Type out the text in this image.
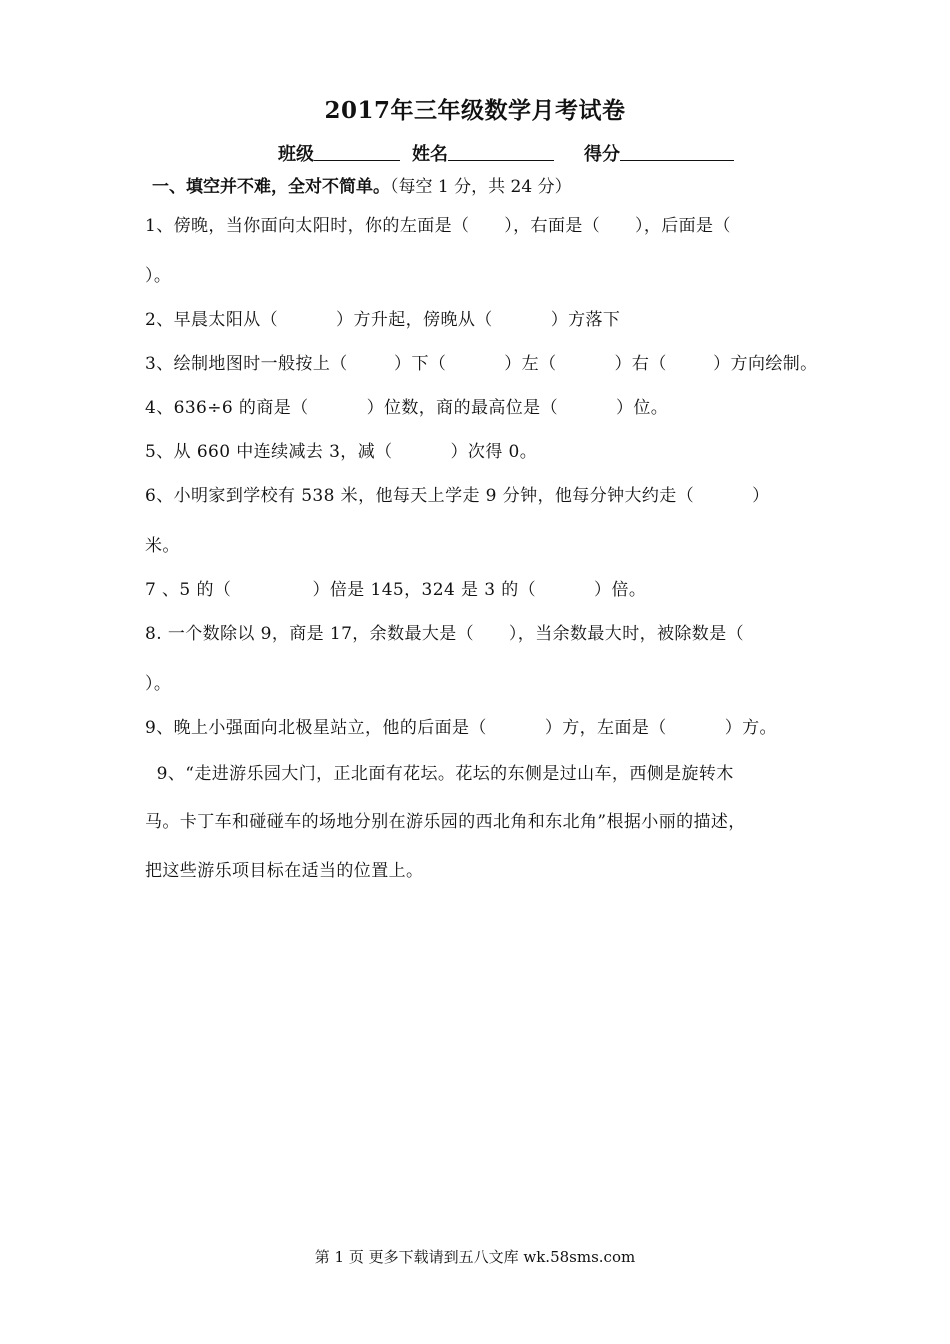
2017年三年级数学月考试卷
班级	姓名	得分
一、填空并不难，全对不简单。（每空 1 分，共 24 分）
1、傍晚，当你面向太阳时，你的左面是（      ），右面是（      ），后面是（
）。
2、早晨太阳从（          ）方升起，傍晚从（          ）方落下
3、绘制地图时一般按上（        ）下（          ）左（          ）右（        ）方向绘制。
4、636÷6 的商是（          ）位数，商的最高位是（          ）位。
5、从 660 中连续减去 3，减（          ）次得 0。
6、小明家到学校有 538 米，他每天上学走 9 分钟，他每分钟大约走（          ）
米。
7 、5 的（              ）倍是 145，324 是 3 的（          ）倍。
8. 一个数除以 9，商是 17，余数最大是（      ），当余数最大时，被除数是（
）。
9、晚上小强面向北极星站立，他的后面是（          ）方，左面是（          ）方。
9、“走进游乐园大门，正北面有花坛。花坛的东侧是过山车，西侧是旋转木
马。卡丁车和碰碰车的场地分别在游乐园的西北角和东北角”根据小丽的描述，
把这些游乐项目标在适当的位置上。
第 1 页 更多下载请到五八文库 wk.58sms.com
